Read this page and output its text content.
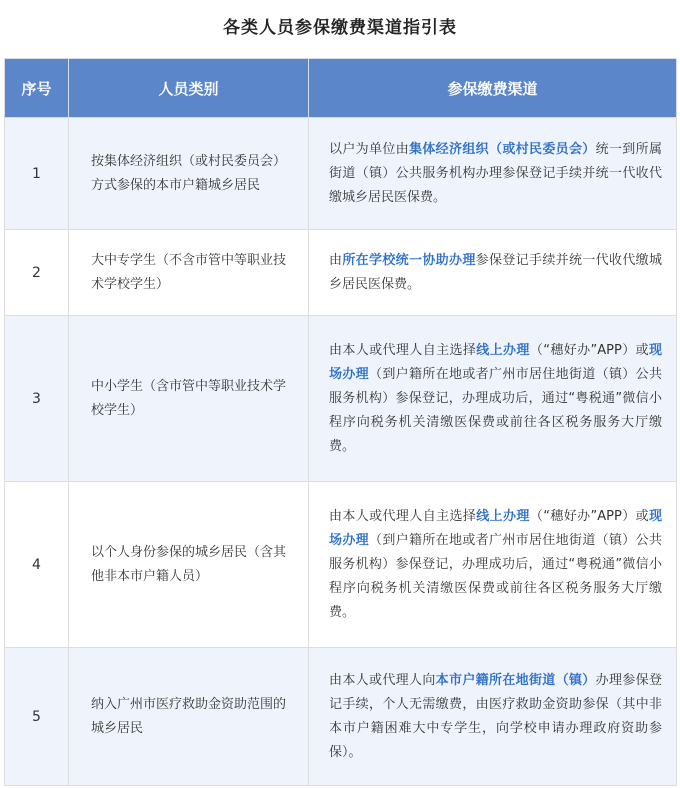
各类人员参保缴费渠道指引表
序号	人员类别	参保缴费渠道
1	按集体经济组织（或村民委员会）方式参保的本市户籍城乡居民	以户为单位由集体经济组织（或村民委员会）统一到所属街道（镇）公共服务机构办理参保登记手续并统一代收代缴城乡居民医保费。
2	大中专学生（不含市管中等职业技术学校学生）	由所在学校统一协助办理参保登记手续并统一代收代缴城乡居民医保费。
3	中小学生（含市管中等职业技术学校学生）	由本人或代理人自主选择线上办理（“穗好办”APP）或现场办理（到户籍所在地或者广州市居住地街道（镇）公共服务机构）参保登记，办理成功后，通过“粤税通”微信小程序向税务机关清缴医保费或前往各区税务服务大厅缴费。
4	以个人身份参保的城乡居民（含其他非本市户籍人员）	由本人或代理人自主选择线上办理（“穗好办”APP）或现场办理（到户籍所在地或者广州市居住地街道（镇）公共服务机构）参保登记，办理成功后，通过“粤税通”微信小程序向税务机关清缴医保费或前往各区税务服务大厅缴费。
5	纳入广州市医疗救助金资助范围的城乡居民	由本人或代理人向本市户籍所在地街道（镇）办理参保登记手续，个人无需缴费，由医疗救助金资助参保（其中非本市户籍困难大中专学生，向学校申请办理政府资助参保）。
